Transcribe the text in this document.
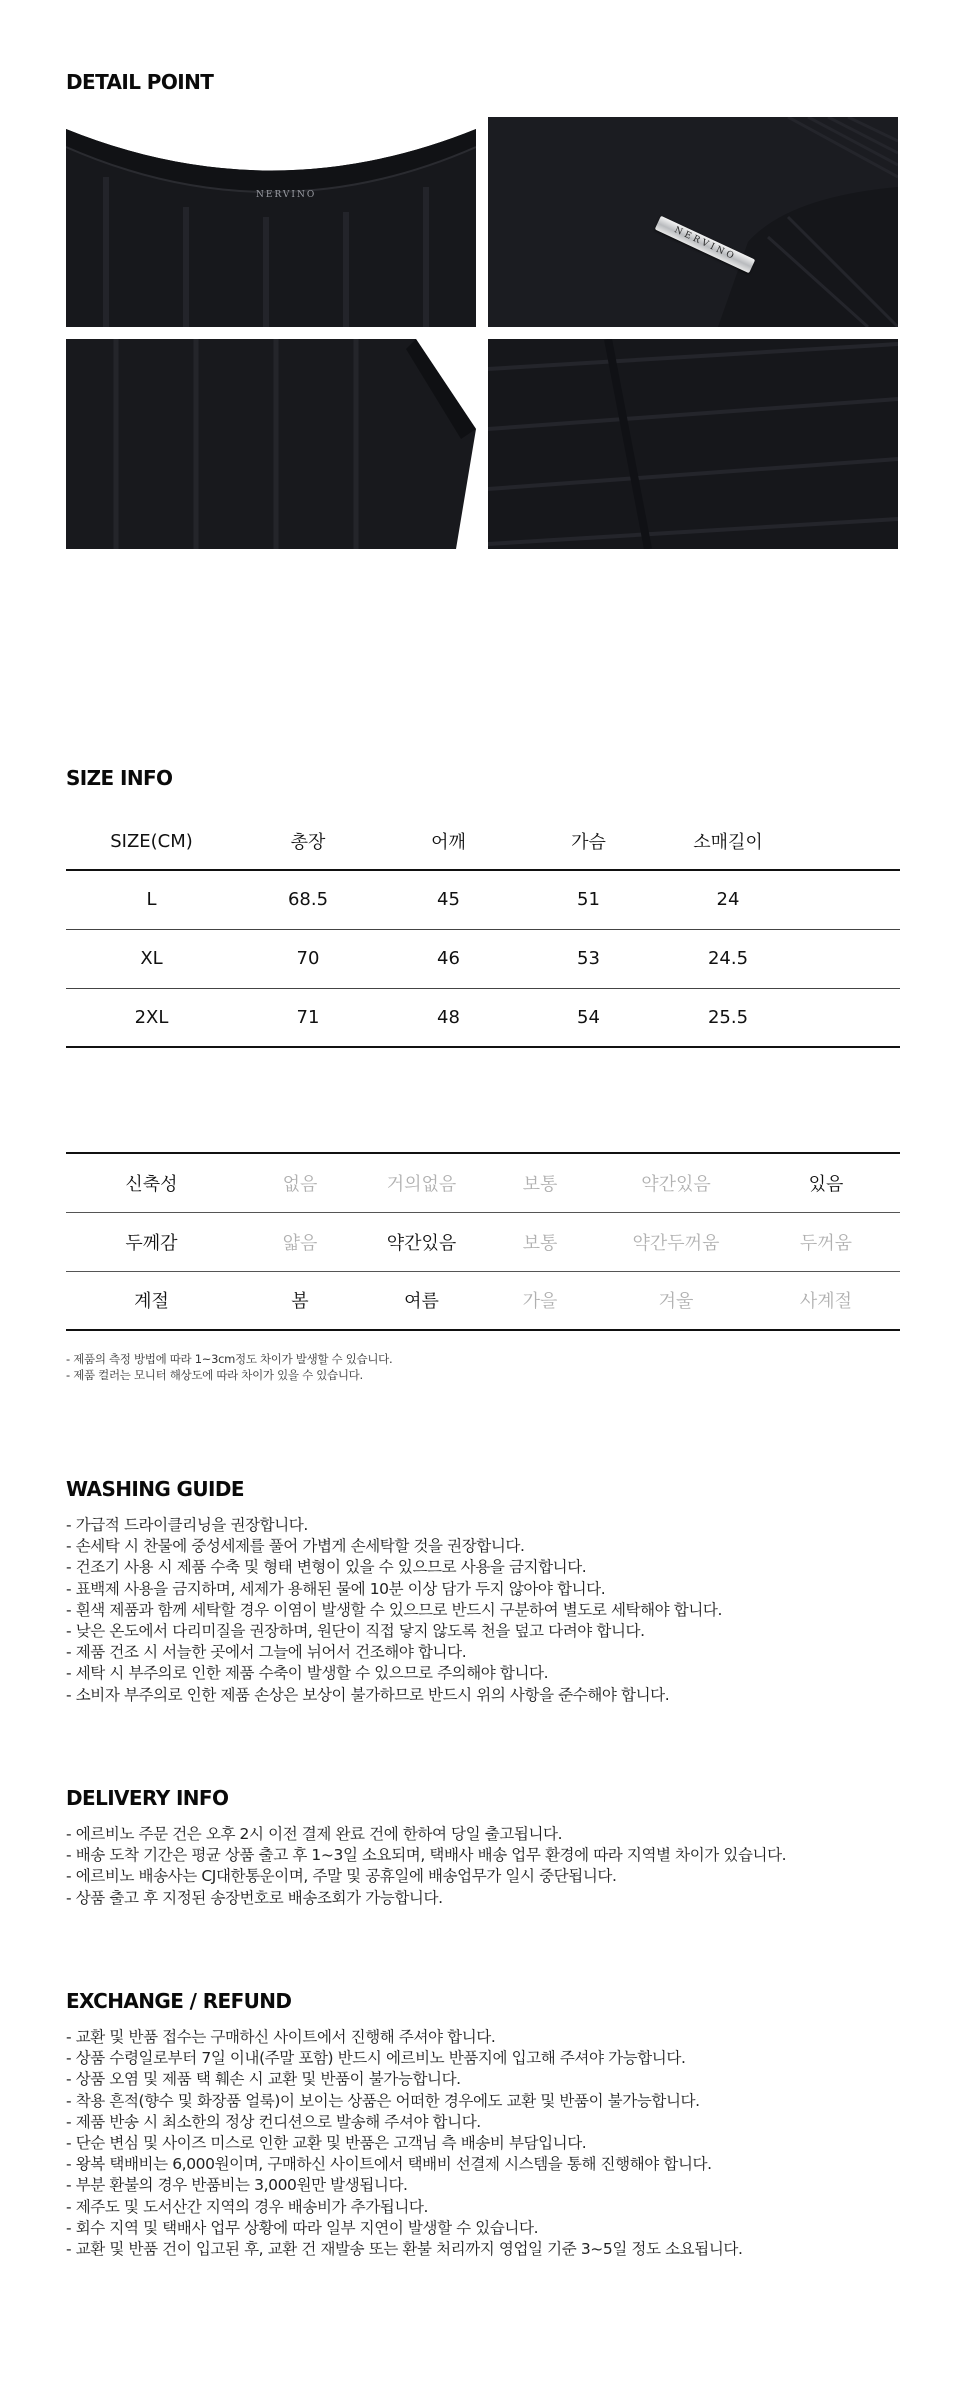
DETAIL POINT
NERVINO
NERVINO
SIZE INFO
SIZE(CM)	총장	어깨	가슴	소매길이	
L	68.5	45	51	24	
XL	70	46	53	24.5	
2XL	71	48	54	25.5	
신축성	없음	거의없음	보통	약간있음	있음
두께감	얇음	약간있음	보통	약간두꺼움	두꺼움
계절	봄	여름	가을	겨울	사계절
- 제품의 측정 방법에 따라 1~3cm정도 차이가 발생할 수 있습니다.
- 제품 컬러는 모니터 해상도에 따라 차이가 있을 수 있습니다.
WASHING GUIDE
- 가급적 드라이클리닝을 권장합니다.
- 손세탁 시 찬물에 중성세제를 풀어 가볍게 손세탁할 것을 권장합니다.
- 건조기 사용 시 제품 수축 및 형태 변형이 있을 수 있으므로 사용을 금지합니다.
- 표백제 사용을 금지하며, 세제가 용해된 물에 10분 이상 담가 두지 않아야 합니다.
- 흰색 제품과 함께 세탁할 경우 이염이 발생할 수 있으므로 반드시 구분하여 별도로 세탁해야 합니다.
- 낮은 온도에서 다리미질을 권장하며, 원단이 직접 닿지 않도록 천을 덮고 다려야 합니다.
- 제품 건조 시 서늘한 곳에서 그늘에 뉘어서 건조해야 합니다.
- 세탁 시 부주의로 인한 제품 수축이 발생할 수 있으므로 주의해야 합니다.
- 소비자 부주의로 인한 제품 손상은 보상이 불가하므로 반드시 위의 사항을 준수해야 합니다.
DELIVERY INFO
- 에르비노 주문 건은 오후 2시 이전 결제 완료 건에 한하여 당일 출고됩니다.
- 배송 도착 기간은 평균 상품 출고 후 1~3일 소요되며, 택배사 배송 업무 환경에 따라 지역별 차이가 있습니다.
- 에르비노 배송사는 CJ대한통운이며, 주말 및 공휴일에 배송업무가 일시 중단됩니다.
- 상품 출고 후 지정된 송장번호로 배송조회가 가능합니다.
EXCHANGE / REFUND
- 교환 및 반품 접수는 구매하신 사이트에서 진행해 주셔야 합니다.
- 상품 수령일로부터 7일 이내(주말 포함) 반드시 에르비노 반품지에 입고해 주셔야 가능합니다.
- 상품 오염 및 제품 택 훼손 시 교환 및 반품이 불가능합니다.
- 착용 흔적(향수 및 화장품 얼룩)이 보이는 상품은 어떠한 경우에도 교환 및 반품이 불가능합니다.
- 제품 반송 시 최소한의 정상 컨디션으로 발송해 주셔야 합니다.
- 단순 변심 및 사이즈 미스로 인한 교환 및 반품은 고객님 측 배송비 부담입니다.
- 왕복 택배비는 6,000원이며, 구매하신 사이트에서 택배비 선결제 시스템을 통해 진행해야 합니다.
- 부분 환불의 경우 반품비는 3,000원만 발생됩니다.
- 제주도 및 도서산간 지역의 경우 배송비가 추가됩니다.
- 회수 지역 및 택배사 업무 상황에 따라 일부 지연이 발생할 수 있습니다.
- 교환 및 반품 건이 입고된 후, 교환 건 재발송 또는 환불 처리까지 영업일 기준 3~5일 정도 소요됩니다.
